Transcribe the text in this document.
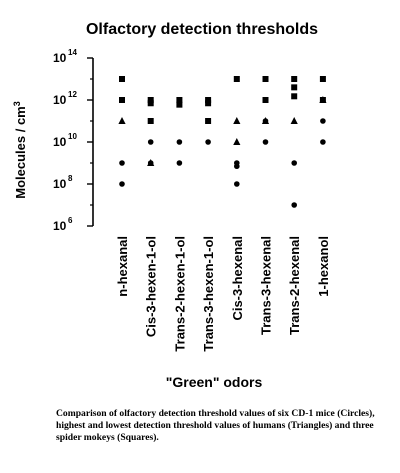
Olfactory detection thresholds
Molecules / $cm^3$
10 6
10 8
10 10
10 12
10 14
n-hexanal Cis-3-hexen-1-ol Trans-2-hexen-1-ol Trans-3-hexen-1-ol Cis-3-hexenal Trans-3-hexenal Trans-2-hexenal 1-hexanol
"Green" odors
Comparison of olfactory detection threshold values of six CD-1 mice (Circles), highest and lowest detection threshold values of humans (Triangles) and three spider mokeys (Squares).
